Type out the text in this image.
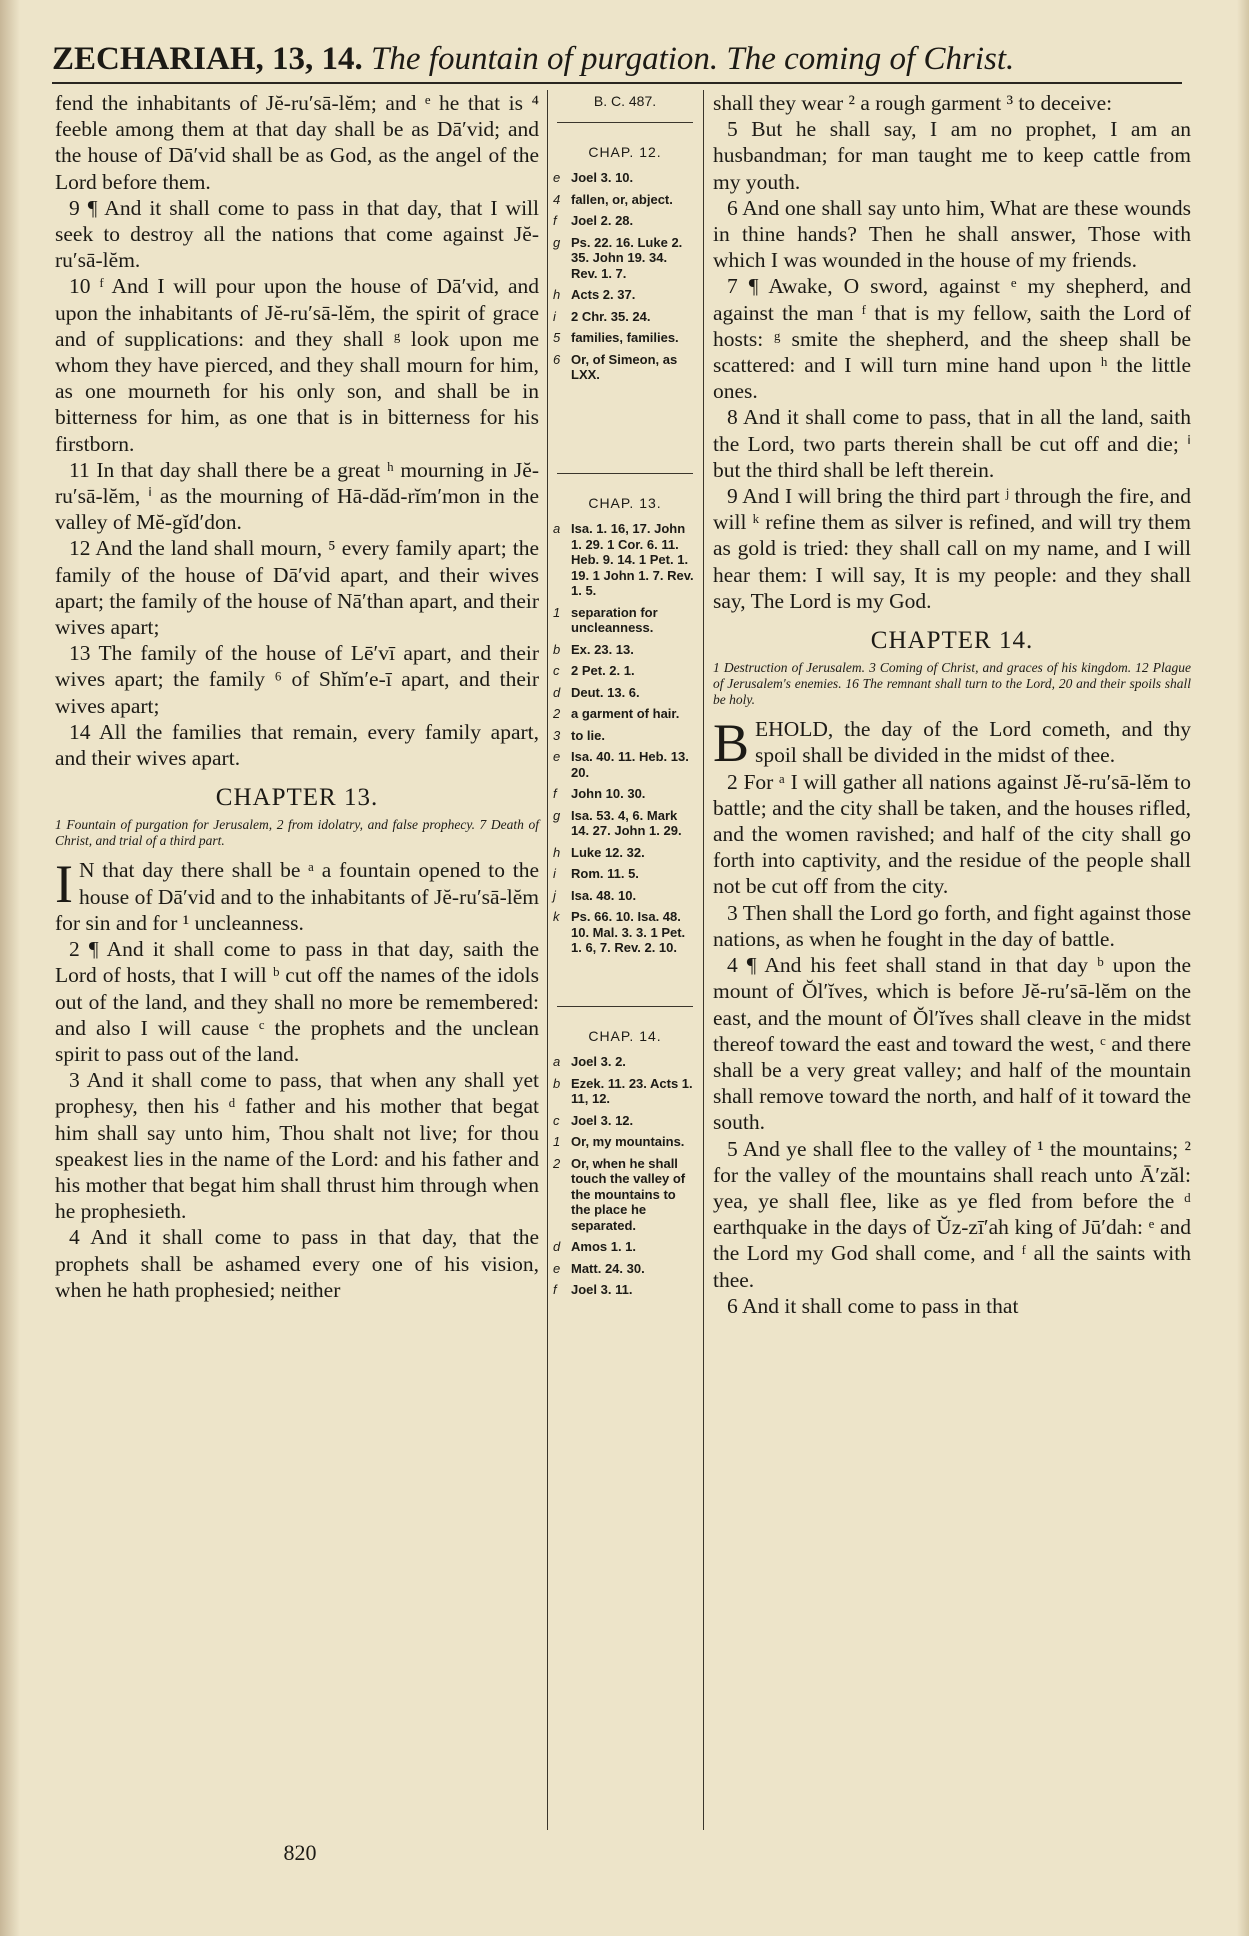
ZECHARIAH, 13, 14. The fountain of purgation. The coming of Christ.

fend the inhabitants of Jĕ-ru′sā-lĕm; and ᵉ he that is ⁴ feeble among them at that day shall be as Dā′vid; and the house of Dā′vid shall be as God, as the angel of the Lord before them.

9 ¶ And it shall come to pass in that day, that I will seek to destroy all the nations that come against Jĕ-ru′sā-lĕm.

10 ᶠ And I will pour upon the house of Dā′vid, and upon the inhabitants of Jĕ-ru′sā-lĕm, the spirit of grace and of supplications: and they shall ᵍ look upon me whom they have pierced, and they shall mourn for him, as one mourneth for his only son, and shall be in bitterness for him, as one that is in bitterness for his firstborn.

11 In that day shall there be a great ʰ mourning in Jĕ-ru′sā-lĕm, ⁱ as the mourning of Hā-dăd-rĭm′mon in the valley of Mĕ-gĭd′don.

12 And the land shall mourn, ⁵ every family apart; the family of the house of Dā′vid apart, and their wives apart; the family of the house of Nā′than apart, and their wives apart;

13 The family of the house of Lē′vī apart, and their wives apart; the family ⁶ of Shĭm′e-ī apart, and their wives apart;

14 All the families that remain, every family apart, and their wives apart.

CHAPTER 13.

1 Fountain of purgation for Jerusalem, 2 from idolatry, and false prophecy. 7 Death of Christ, and trial of a third part.

I N that day there shall be ᵃ a fountain opened to the house of Dā′vid and to the inhabitants of Jĕ-ru′sā-lĕm for sin and for ¹ uncleanness.

2 ¶ And it shall come to pass in that day, saith the Lord of hosts, that I will ᵇ cut off the names of the idols out of the land, and they shall no more be remembered: and also I will cause ᶜ the prophets and the unclean spirit to pass out of the land.

3 And it shall come to pass, that when any shall yet prophesy, then his ᵈ father and his mother that begat him shall say unto him, Thou shalt not live; for thou speakest lies in the name of the Lord: and his father and his mother that begat him shall thrust him through when he prophesieth.

4 And it shall come to pass in that day, that the prophets shall be ashamed every one of his vision, when he hath prophesied; neither

B. C. 487.
CHAP. 12.
e Joel 3. 10.
4 fallen, or, abject.
f	Joel 2. 28.
g Ps. 22. 16. Luke 2. 35. John 19. 34. Rev. 1. 7.
h Acts 2. 37.
i	2 Chr. 35. 24.
5 families, families.
6 Or, of Simeon, as LXX.
CHAP. 13.
a Isa. 1. 16, 17. John 1. 29. 1 Cor. 6. 11. Heb. 9. 14. 1 Pet. 1. 19. 1 John 1. 7. Rev. 1. 5.
1 separation for uncleanness.
b Ex. 23. 13.
c 2 Pet. 2. 1.
d Deut. 13. 6.
2 a garment of hair.
3 to lie.
e Isa. 40. 11. Heb. 13. 20.
f	John 10. 30.
g Isa. 53. 4, 6. Mark 14. 27. John 1. 29.
h Luke 12. 32.
i	Rom. 11. 5.
j	Isa. 48. 10.
k Ps. 66. 10. Isa. 48. 10. Mal. 3. 3. 1 Pet. 1. 6, 7. Rev. 2. 10.
CHAP. 14.
a Joel 3. 2.
b Ezek. 11. 23. Acts 1. 11, 12.
c Joel 3. 12.
1 Or, my mountains.
2 Or, when he shall touch the valley of the mountains to the place he separated.
d Amos 1. 1.
e Matt. 24. 30.
f	Joel 3. 11.

shall they wear ² a rough garment ³ to deceive:

5 But he shall say, I am no prophet, I am an husbandman; for man taught me to keep cattle from my youth.

6 And one shall say unto him, What are these wounds in thine hands? Then he shall answer, Those with which I was wounded in the house of my friends.

7 ¶ Awake, O sword, against ᵉ my shepherd, and against the man ᶠ that is my fellow, saith the Lord of hosts: ᵍ smite the shepherd, and the sheep shall be scattered: and I will turn mine hand upon ʰ the little ones.

8 And it shall come to pass, that in all the land, saith the Lord, two parts therein shall be cut off and die; ⁱ but the third shall be left therein.

9 And I will bring the third part ʲ through the fire, and will ᵏ refine them as silver is refined, and will try them as gold is tried: they shall call on my name, and I will hear them: I will say, It is my people: and they shall say, The Lord is my God.

CHAPTER 14.

1 Destruction of Jerusalem. 3 Coming of Christ, and graces of his kingdom. 12 Plague of Jerusalem's enemies. 16 The remnant shall turn to the Lord, 20 and their spoils shall be holy.

BEHOLD, the day of the Lord cometh, and thy spoil shall be divided in the midst of thee.

2 For ᵃ I will gather all nations against Jĕ-ru′sā-lĕm to battle; and the city shall be taken, and the houses rifled, and the women ravished; and half of the city shall go forth into captivity, and the residue of the people shall not be cut off from the city.

3 Then shall the Lord go forth, and fight against those nations, as when he fought in the day of battle.

4 ¶ And his feet shall stand in that day ᵇ upon the mount of Ŏl′ĭves, which is before Jĕ-ru′sā-lĕm on the east, and the mount of Ŏl′ĭves shall cleave in the midst thereof toward the east and toward the west, ᶜ and there shall be a very great valley; and half of the mountain shall remove toward the north, and half of it toward the south.

5 And ye shall flee to the valley of ¹ the mountains; ² for the valley of the mountains shall reach unto Ā′zăl: yea, ye shall flee, like as ye fled from before the ᵈ earthquake in the days of Ŭz-zī′ah king of Jū′dah: ᵉ and the Lord my God shall come, and ᶠ all the saints with thee.

6 And it shall come to pass in that

820
